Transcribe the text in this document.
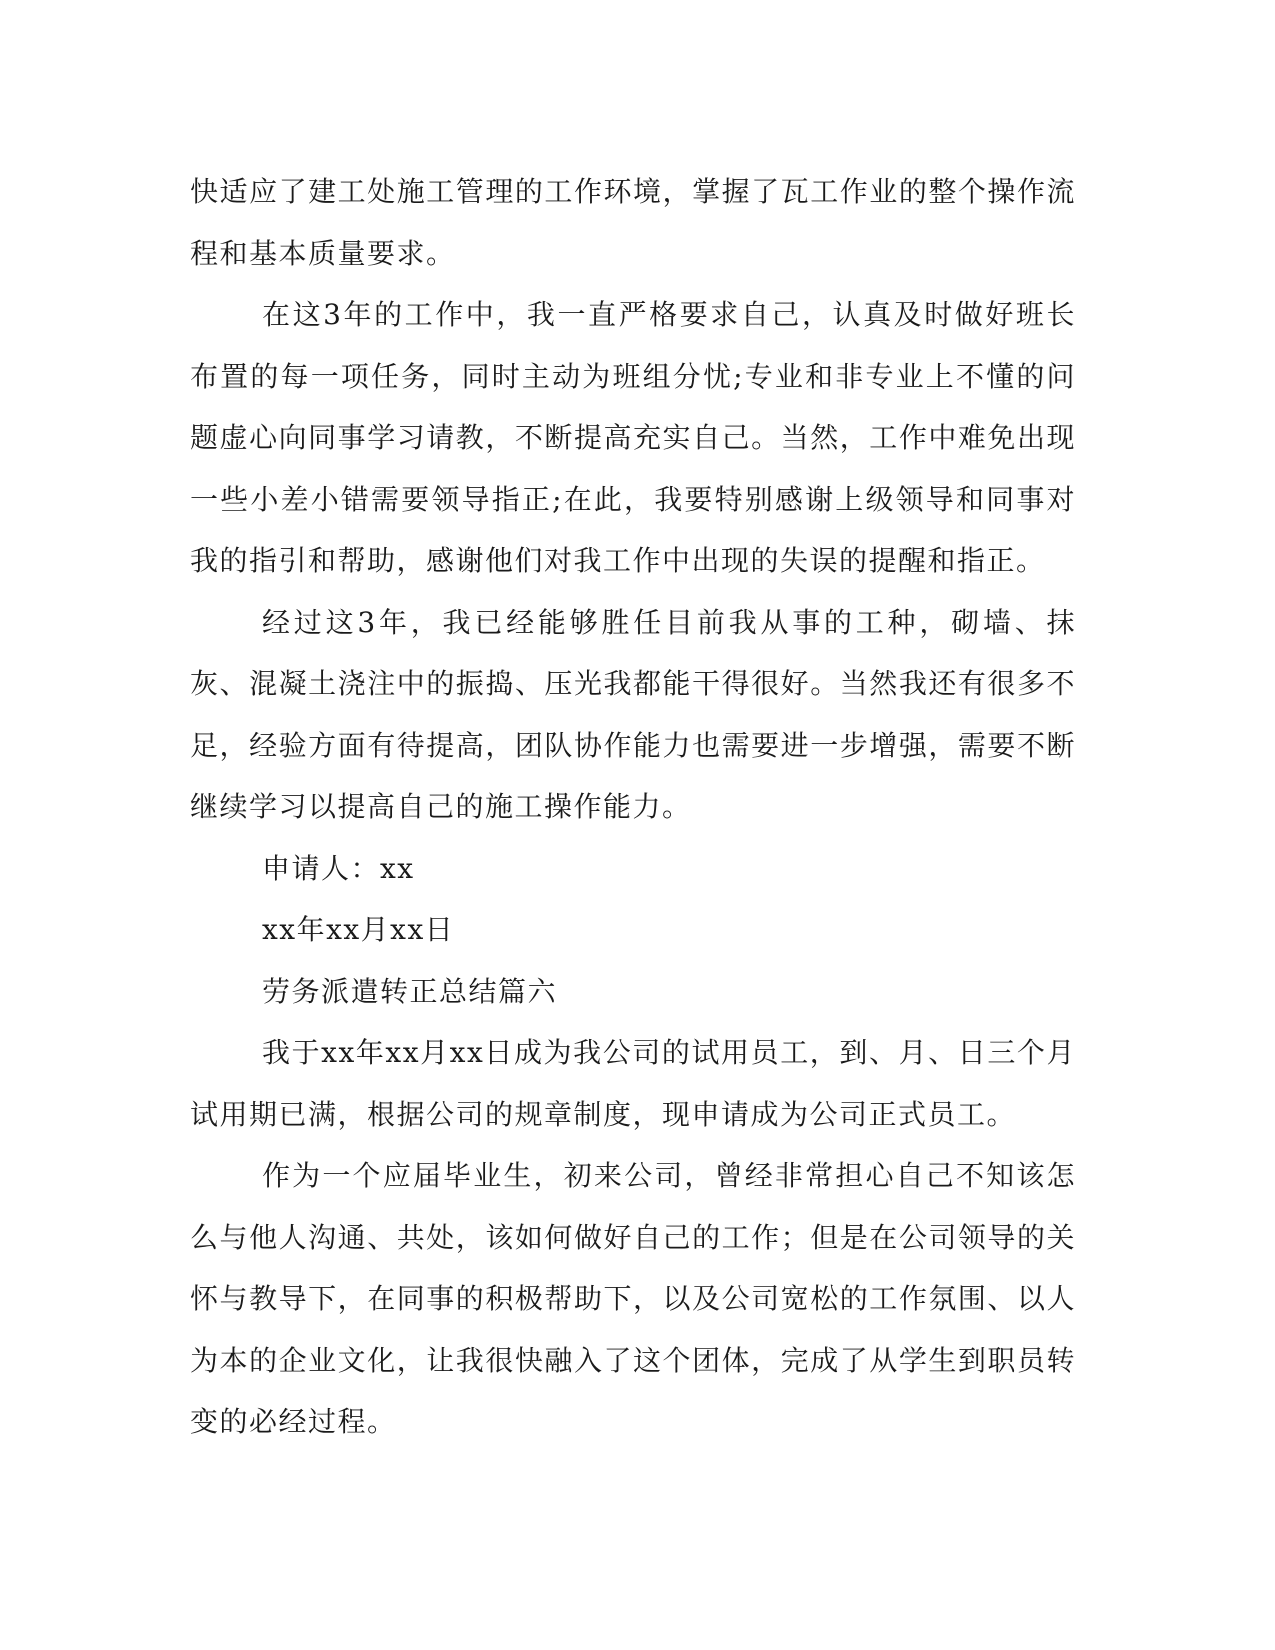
快适应了建工处施工管理的工作环境，掌握了瓦工作业的整个操作流程和基本质量要求。

在这3年的工作中，我一直严格要求自己，认真及时做好班长布置的每一项任务，同时主动为班组分忧;专业和非专业上不懂的问题虚心向同事学习请教，不断提高充实自己。当然，工作中难免出现一些小差小错需要领导指正;在此，我要特别感谢上级领导和同事对我的指引和帮助，感谢他们对我工作中出现的失误的提醒和指正。

经过这3年，我已经能够胜任目前我从事的工种，砌墙、抹灰、混凝土浇注中的振捣、压光我都能干得很好。当然我还有很多不足，经验方面有待提高，团队协作能力也需要进一步增强，需要不断继续学习以提高自己的施工操作能力。

申请人：xx

xx年xx月xx日

劳务派遣转正总结篇六

我于xx年xx月xx日成为我公司的试用员工，到、月、日三个月试用期已满，根据公司的规章制度，现申请成为公司正式员工。

作为一个应届毕业生，初来公司，曾经非常担心自己不知该怎么与他人沟通、共处，该如何做好自己的工作；但是在公司领导的关怀与教导下，在同事的积极帮助下，以及公司宽松的工作氛围、以人为本的企业文化，让我很快融入了这个团体，完成了从学生到职员转变的必经过程。
